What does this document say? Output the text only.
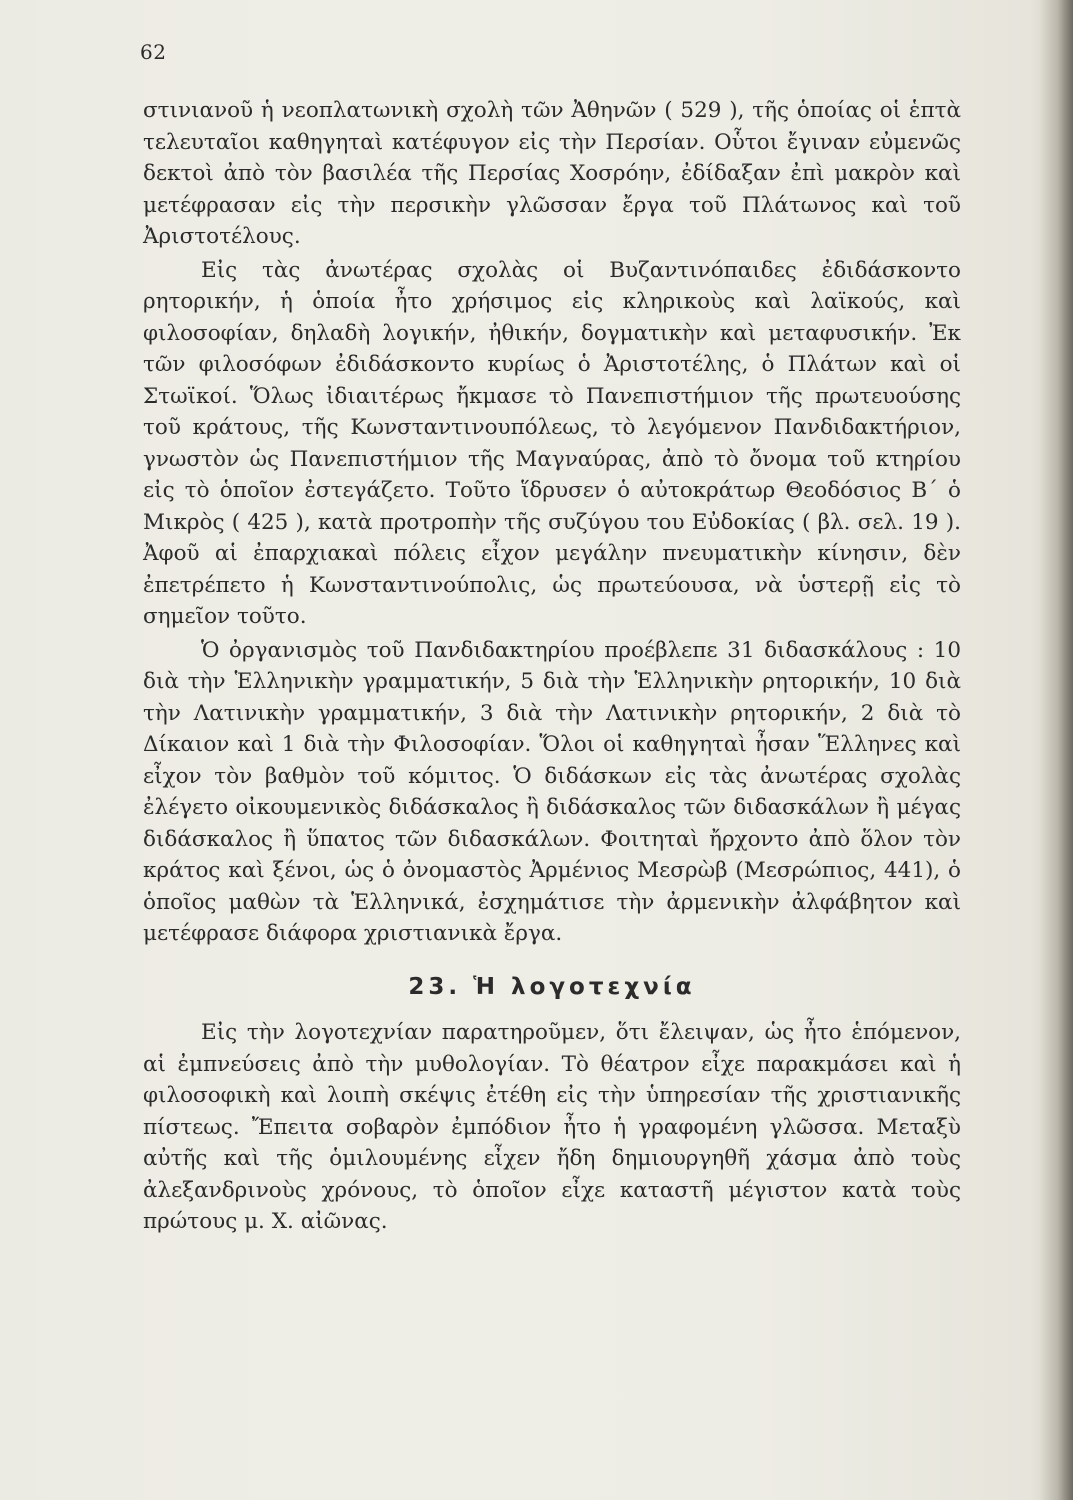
62

στινιανοῦ ἡ νεοπλατωνικὴ σχολὴ τῶν Ἀθηνῶν ( 529 ), τῆς ὁποίας οἱ ἑπτὰ τελευταῖοι καθηγηταὶ κατέφυγον εἰς τὴν Περσίαν. Οὗτοι ἔγιναν εὐμενῶς δεκτοὶ ἀπὸ τὸν βασιλέα τῆς Περσίας Χοσρόην, ἐδίδαξαν ἐπὶ μακρὸν καὶ μετέφρασαν εἰς τὴν περσικὴν γλῶσσαν ἔργα τοῦ Πλάτωνος καὶ τοῦ Ἀριστοτέλους.

Εἰς τὰς ἀνωτέρας σχολὰς οἱ Βυζαντινόπαιδες ἐδιδάσκοντο ρητορικήν, ἡ ὁποία ἦτο χρήσιμος εἰς κληρικοὺς καὶ λαϊκούς, καὶ φιλοσοφίαν, δηλαδὴ λογικήν, ἠθικήν, δογματικὴν καὶ μεταφυσικήν. Ἐκ τῶν φιλοσόφων ἐδιδάσκοντο κυρίως ὁ Ἀριστοτέλης, ὁ Πλάτων καὶ οἱ Στωϊκοί. Ὅλως ἰδιαιτέρως ἤκμασε τὸ Πανεπιστήμιον τῆς πρωτευούσης τοῦ κράτους, τῆς Κωνσταντινουπόλεως, τὸ λεγόμενον Πανδιδακτήριον, γνωστὸν ὡς Πανεπιστήμιον τῆς Μαγναύρας, ἀπὸ τὸ ὄνομα τοῦ κτηρίου εἰς τὸ ὁποῖον ἐστεγάζετο. Τοῦτο ἵδρυσεν ὁ αὐτοκράτωρ Θεοδόσιος Β΄ ὁ Μικρὸς ( 425 ), κατὰ προτροπὴν τῆς συζύγου του Εὐδοκίας ( βλ. σελ. 19 ). Ἀφοῦ αἱ ἐπαρχιακαὶ πόλεις εἶχον μεγάλην πνευματικὴν κίνησιν, δὲν ἐπετρέπετο ἡ Κωνσταντινούπολις, ὡς πρωτεύουσα, νὰ ὑστερῇ εἰς τὸ σημεῖον τοῦτο.

Ὁ ὀργανισμὸς τοῦ Πανδιδακτηρίου προέβλεπε 31 διδασκάλους : 10 διὰ τὴν Ἑλληνικὴν γραμματικήν, 5 διὰ τὴν Ἑλληνικὴν ρητορικήν, 10 διὰ τὴν Λατινικὴν γραμματικήν, 3 διὰ τὴν Λατινικὴν ρητορικήν, 2 διὰ τὸ Δίκαιον καὶ 1 διὰ τὴν Φιλοσοφίαν. Ὅλοι οἱ καθηγηταὶ ἦσαν Ἕλληνες καὶ εἶχον τὸν βαθμὸν τοῦ κόμιτος. Ὁ διδάσκων εἰς τὰς ἀνωτέρας σχολὰς ἐλέγετο οἰκουμενικὸς διδάσκαλος ἢ διδάσκαλος τῶν διδασκάλων ἢ μέγας διδάσκαλος ἢ ὕπατος τῶν διδασκάλων. Φοιτηταὶ ἤρχοντο ἀπὸ ὅλον τὸν κράτος καὶ ξένοι, ὡς ὁ ὀνομαστὸς Ἀρμένιος Μεσρὼβ (Μεσρώπιος, 441), ὁ ὁποῖος μαθὼν τὰ Ἑλληνικά, ἐσχημάτισε τὴν ἀρμενικὴν ἀλφάβητον καὶ μετέφρασε διάφορα χριστιανικὰ ἔργα.

23. Ἡ λογοτεχνία

Εἰς τὴν λογοτεχνίαν παρατηροῦμεν, ὅτι ἔλειψαν, ὡς ἦτο ἑπόμενον, αἱ ἐμπνεύσεις ἀπὸ τὴν μυθολογίαν. Τὸ θέατρον εἶχε παρακμάσει καὶ ἡ φιλοσοφικὴ καὶ λοιπὴ σκέψις ἐτέθη εἰς τὴν ὑπηρεσίαν τῆς χριστιανικῆς πίστεως. Ἔπειτα σοβαρὸν ἐμπόδιον ἦτο ἡ γραφομένη γλῶσσα. Μεταξὺ αὐτῆς καὶ τῆς ὁμιλουμένης εἶχεν ἤδη δημιουργηθῆ χάσμα ἀπὸ τοὺς ἀλεξανδρινοὺς χρόνους, τὸ ὁποῖον εἶχε καταστῆ μέγιστον κατὰ τοὺς πρώτους μ. Χ. αἰῶνας.
